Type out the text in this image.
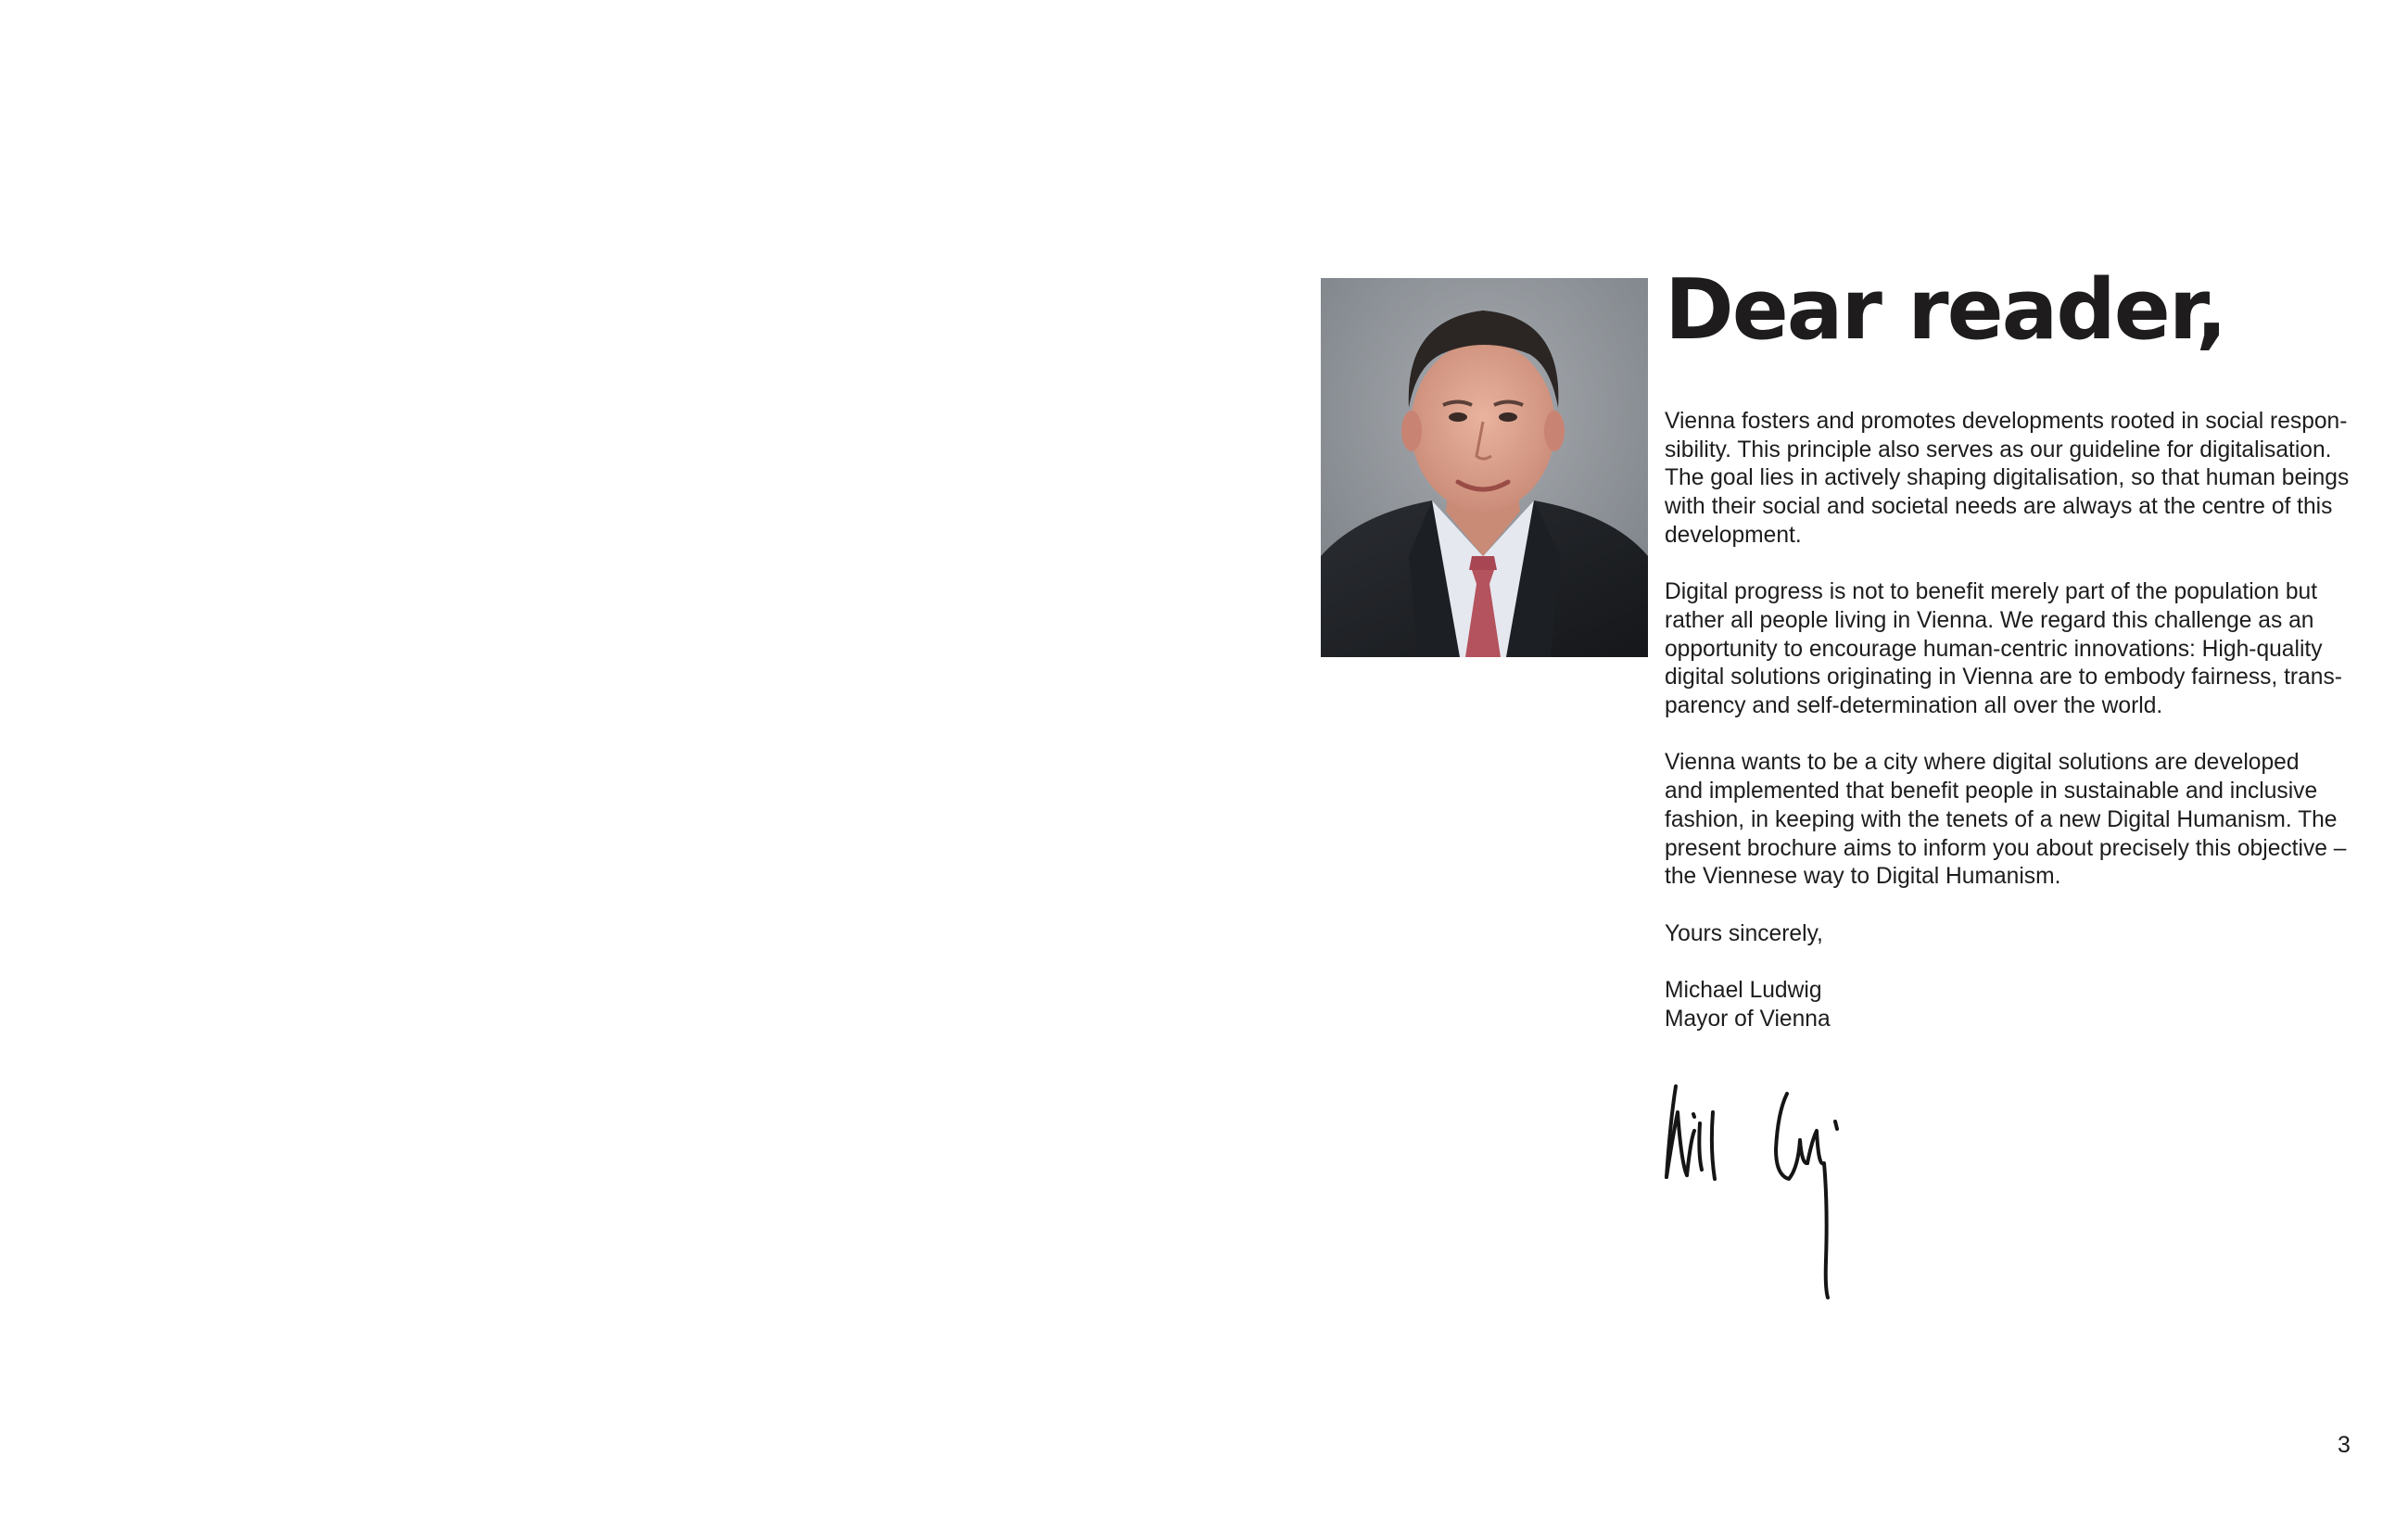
Dear reader,

Vienna fosters and promotes developments rooted in social respon-
sibility. This principle also serves as our guideline for digitalisation.
The goal lies in actively shaping digitalisation, so that human beings
with their social and societal needs are always at the centre of this
development.

Digital progress is not to benefit merely part of the population but
rather all people living in Vienna. We regard this challenge as an
opportunity to encourage human-centric innovations: High-quality
digital solutions originating in Vienna are to embody fairness, trans-
parency and self-determination all over the world.

Vienna wants to be a city where digital solutions are developed
and implemented that benefit people in sustainable and inclusive
fashion, in keeping with the tenets of a new Digital Humanism. The
present brochure aims to inform you about precisely this objective –
the Viennese way to Digital Humanism.

Yours sincerely,

Michael Ludwig

Mayor of Vienna

3
